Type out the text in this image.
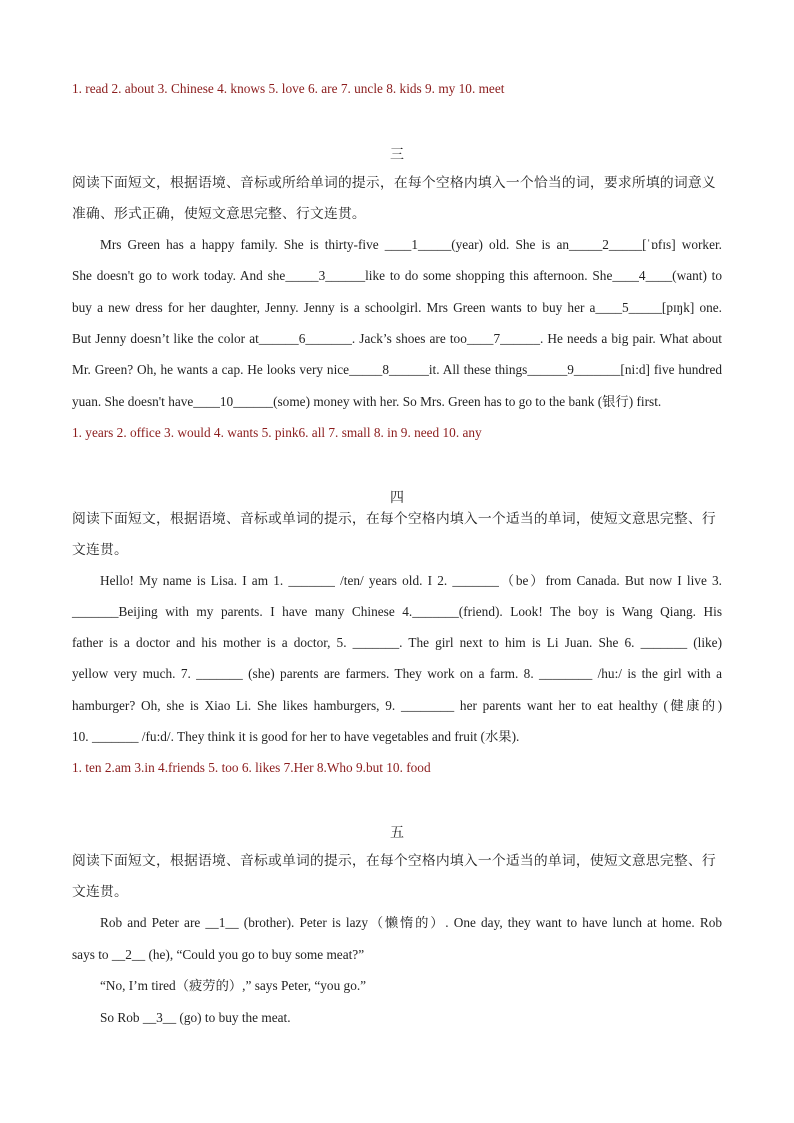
1. read 2. about 3. Chinese 4. knows 5. love 6. are 7. uncle 8. kids 9. my 10. meet
三
阅读下面短文，根据语境、音标或所给单词的提示，在每个空格内填入一个恰当的词，要求所填的词意义
准确、形式正确，使短文意思完整、行文连贯。
Mrs Green has a happy family. She is thirty-five ____1_____(year) old. She is an_____2_____[ˈɒfɪs] worker.
She doesn't go to work today. And she_____3______like to do some shopping this afternoon. She____4____(want) to
buy a new dress for her daughter, Jenny. Jenny is a schoolgirl. Mrs Green wants to buy her a____5_____[pɪŋk] one.
But Jenny doesn’t like the color at______6_______. Jack’s shoes are too____7______. He needs a big pair. What about
Mr. Green? Oh, he wants a cap. He looks very nice_____8______it. All these things______9_______[ni:d] five hundred
yuan. She doesn't have____10______(some) money with her. So Mrs. Green has to go to the bank (银行) first.
1. years 2. office 3. would 4. wants 5. pink6. all 7. small 8. in 9. need 10. any
四
阅读下面短文，根据语境、音标或单词的提示，在每个空格内填入一个适当的单词，使短文意思完整、行
文连贯。
Hello! My name is Lisa. I am 1. _______ /ten/ years old. I 2. _______（be）from Canada. But now I live 3.
_______Beijing with my parents. I have many Chinese 4._______(friend). Look! The boy is Wang Qiang. His
father is a doctor and his mother is a doctor, 5. _______. The girl next to him is Li Juan. She 6. _______ (like)
yellow very much. 7. _______ (she) parents are farmers. They work on a farm. 8. ________ /hu:/ is the girl with a
hamburger? Oh, she is Xiao Li. She likes hamburgers, 9. ________ her parents want her to eat healthy (健康的)
10. _______ /fu:d/. They think it is good for her to have vegetables and fruit (水果).
1. ten 2.am 3.in 4.friends 5. too 6. likes 7.Her 8.Who 9.but 10. food
五
阅读下面短文，根据语境、音标或单词的提示，在每个空格内填入一个适当的单词，使短文意思完整、行
文连贯。
Rob and Peter are __1__ (brother). Peter is lazy（懒惰的）. One day, they want to have lunch at home. Rob
says to __2__ (he), “Could you go to buy some meat?”
“No, I’m tired（疲劳的）,” says Peter, “you go.”
So Rob __3__ (go) to buy the meat.
